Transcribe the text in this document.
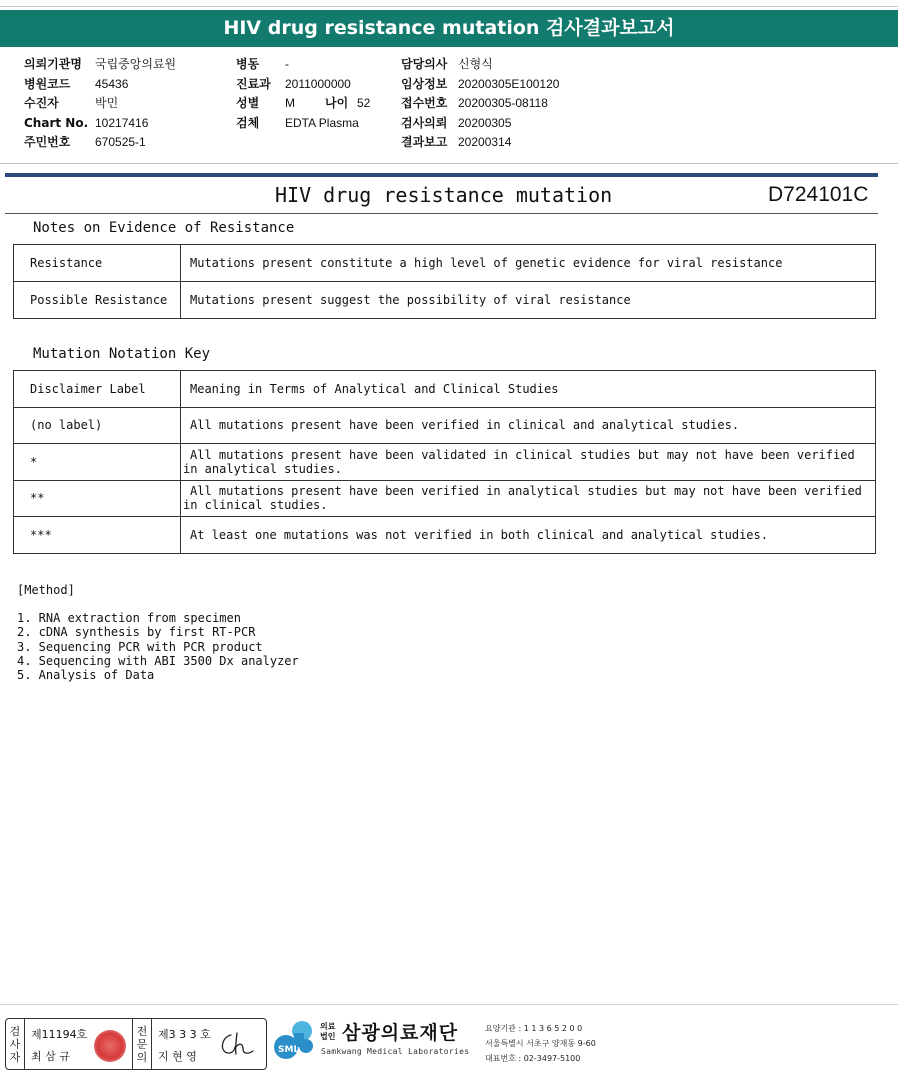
HIV drug resistance mutation 검사결과보고서
의뢰기관명	국립중앙의료원
병원코드	45436
수진자	박민
Chart No. 10217416
주민번호	670525-1
병동	-
진료과	2011000000
성별	M	나이 52
검체	EDTA Plasma
담당의사 신형식
임상정보 20200305E100120
접수번호 20200305-08118
검사의뢰 20200305
결과보고 20200314
HIV drug resistance mutation	D724101C
Notes on Evidence of Resistance
Resistance	Mutations present constitute a high level of genetic evidence for viral resistance
Possible Resistance	Mutations present suggest the possibility of viral resistance
Mutation Notation Key
Disclaimer Label	Meaning in Terms of Analytical and Clinical Studies
(no label)	All mutations present have been verified in clinical and analytical studies.
*	All mutations present have been validated in clinical studies but may not have been verified
in analytical studies.
**	All mutations present have been verified in analytical studies but may not have been verified
in clinical studies.
***	At least one mutations was not verified in both clinical and analytical studies.
[Method]
1. RNA extraction from specimen
2. cDNA synthesis by first RT-PCR
3. Sequencing PCR with PCR product
4. Sequencing with ABI 3500 Dx analyzer
5. Analysis of Data
검
사
자
제11194호
최 삼 규
전
문
의
제3 3 3 호
지 현 영	SML
의료
법인 삼광의료재단
Samkwang Medical Laboratories
요양기관 : 1 1 3 6 5 2 0 0
서울특별시 서초구 양재동 9-60
대표번호 : 02-3497-5100
